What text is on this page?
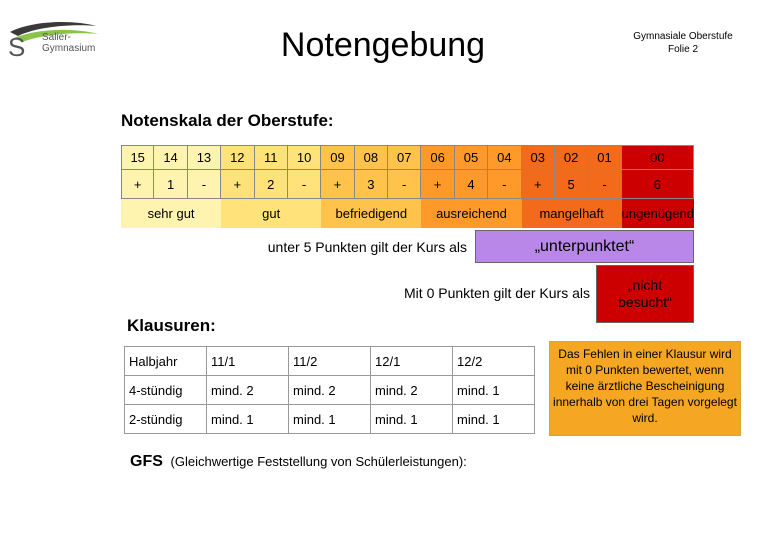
S Salier-
Gymnasium	Notengebung	Gymnasiale Oberstufe
Folie 2
Notenskala der Oberstufe:
15	14	13	12	11	10	09	08	07	06	05	04	03	02	01	00
+	1	-	+	2	-	+	3	-	+	4	-	+	5	-	6
sehr gut	gut	befriedigend	ausreichend	mangelhaft	ungenügend
unter 5 Punkten gilt der Kurs als	„unterpunktet“
Mit 0 Punkten gilt der Kurs als	„nicht
besucht“
Klausuren:
Halbjahr	11/1	11/2	12/1	12/2
4-stündig	mind. 2	mind. 2	mind. 2	mind. 1
2-stündig	mind. 1	mind. 1	mind. 1	mind. 1
Das Fehlen in einer Klausur wird mit 0 Punkten bewertet, wenn keine ärztliche Bescheinigung innerhalb von drei Tagen vorgelegt wird.
GFS (Gleichwertige Feststellung von Schülerleistungen):
